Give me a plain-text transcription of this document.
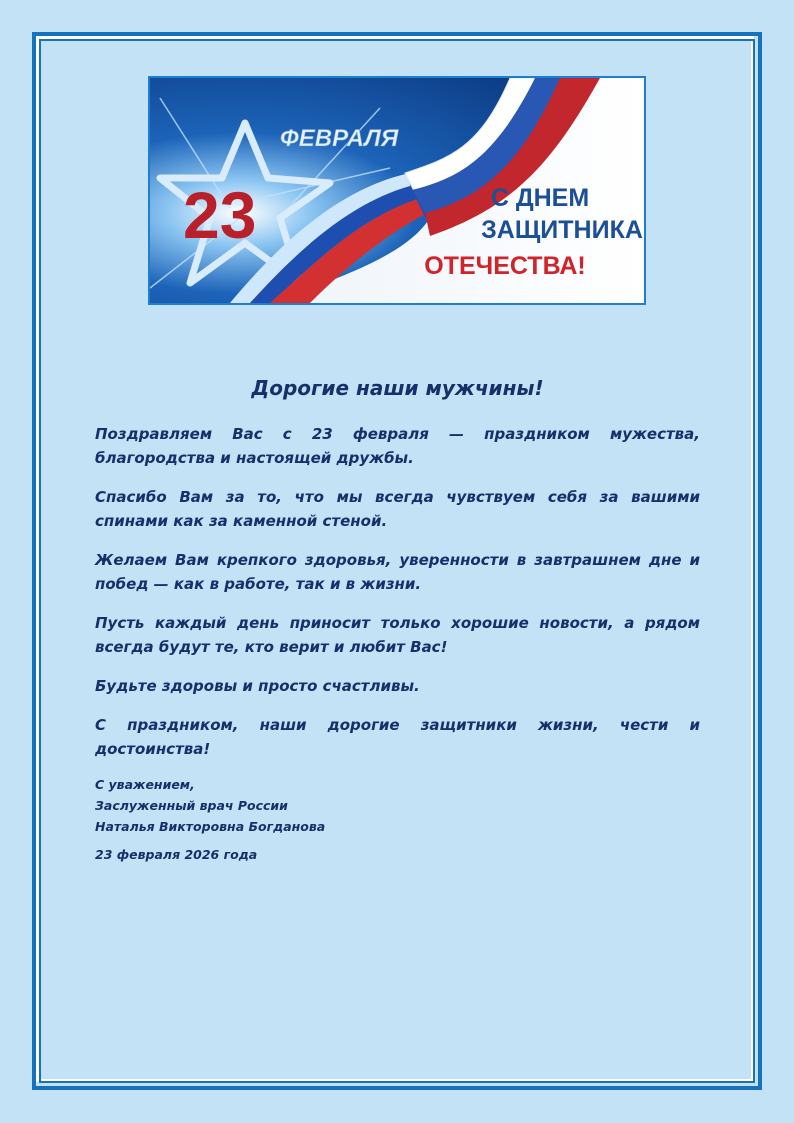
ФЕВРАЛЯ
23	С ДНЕМ
ЗАЩИТНИКА
ОТЕЧЕСТВА!
Дорогие наши мужчины!

Поздравляем Вас с 23 февраля — праздником мужества, благородства и настоящей дружбы.

Спасибо Вам за то, что мы всегда чувствуем себя за вашими спинами как за каменной стеной.

Желаем Вам крепкого здоровья, уверенности в завтрашнем дне и побед — как в работе, так и в жизни.

Пусть каждый день приносит только хорошие новости, а рядом всегда будут те, кто верит и любит Вас!

Будьте здоровы и просто счастливы.

С праздником, наши дорогие защитники жизни, чести и достоинства!

С уважением,
Заслуженный врач России
Наталья Викторовна Богданова
23 февраля 2026 года
